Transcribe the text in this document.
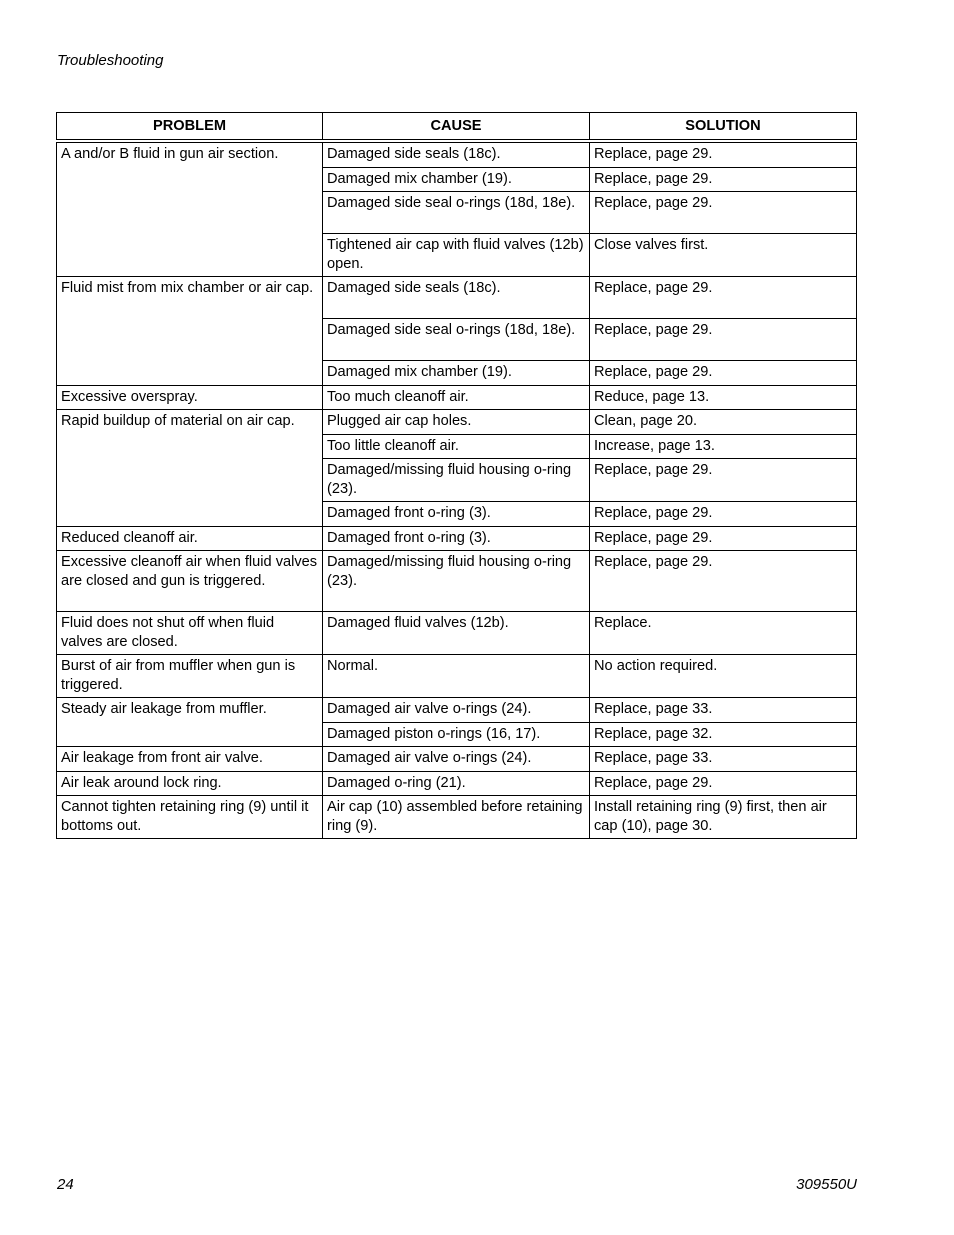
Troubleshooting
PROBLEM	CAUSE	SOLUTION
A and/or B fluid in gun air section.	Damaged side seals (18c).	Replace, page 29.
	Damaged mix chamber (19).	Replace, page 29.
	Damaged side seal o-rings (18d, 18e).	Replace, page 29.
	Tightened air cap with fluid valves (12b) open.	Close valves first.
Fluid mist from mix chamber or air cap.	Damaged side seals (18c).	Replace, page 29.
	Damaged side seal o-rings (18d, 18e).	Replace, page 29.
	Damaged mix chamber (19).	Replace, page 29.
Excessive overspray.	Too much cleanoff air.	Reduce, page 13.
Rapid buildup of material on air cap.	Plugged air cap holes.	Clean, page 20.
	Too little cleanoff air.	Increase, page 13.
	Damaged/missing fluid housing o-ring (23).	Replace, page 29.
	Damaged front o-ring (3).	Replace, page 29.
Reduced cleanoff air.	Damaged front o-ring (3).	Replace, page 29.
Excessive cleanoff air when fluid valves are closed and gun is triggered.	Damaged/missing fluid housing o-ring (23).	Replace, page 29.
Fluid does not shut off when fluid valves are closed.	Damaged fluid valves (12b).	Replace.
Burst of air from muffler when gun is triggered.	Normal.	No action required.
Steady air leakage from muffler.	Damaged air valve o-rings (24).	Replace, page 33.
	Damaged piston o-rings (16, 17).	Replace, page 32.
Air leakage from front air valve.	Damaged air valve o-rings (24).	Replace, page 33.
Air leak around lock ring.	Damaged o-ring (21).	Replace, page 29.
Cannot tighten retaining ring (9) until it bottoms out.	Air cap (10) assembled before retaining ring (9).	Install retaining ring (9) first, then air cap (10), page 30.
24	309550U
